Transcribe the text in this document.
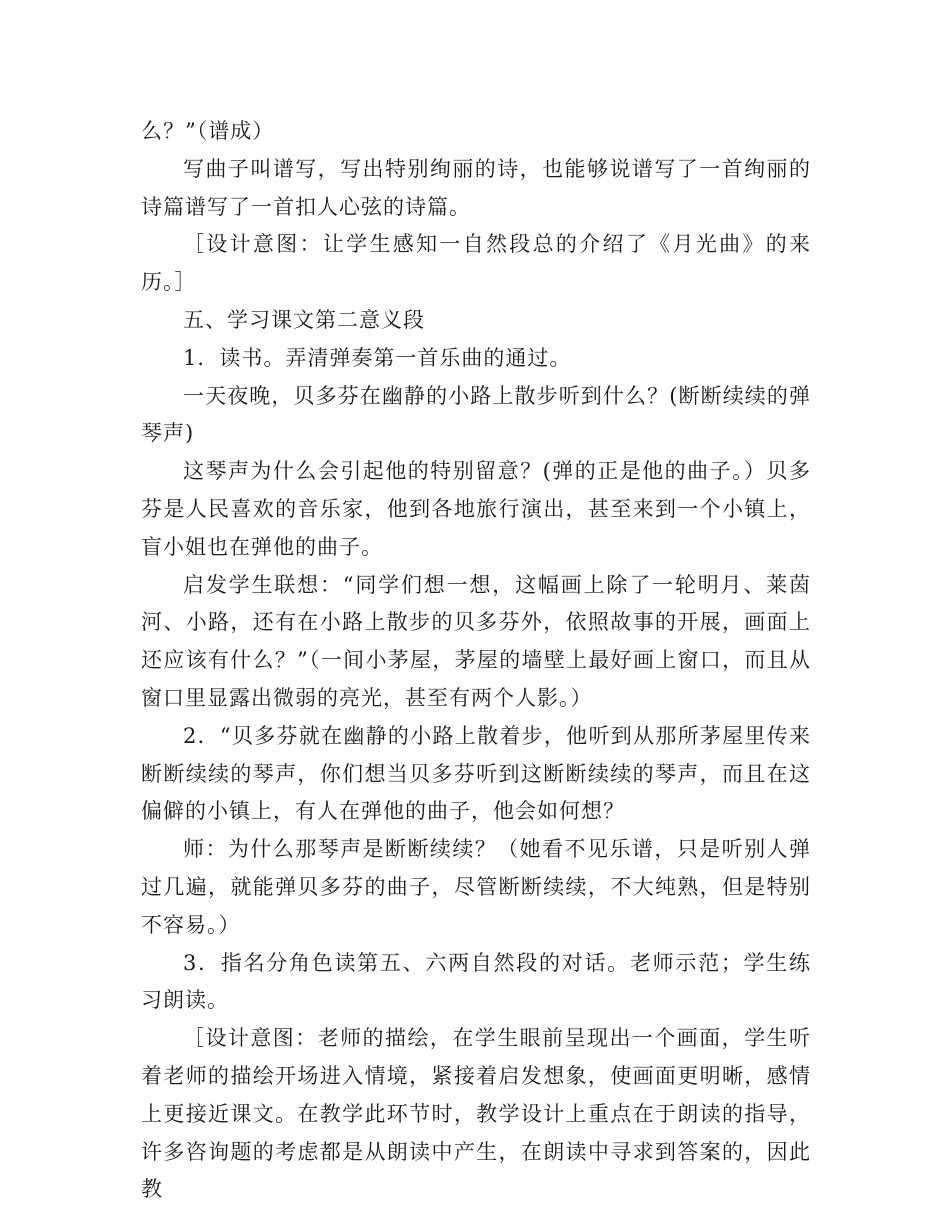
么？”（谱成）

写曲子叫谱写，写出特别绚丽的诗，也能够说谱写了一首绚丽的诗篇谱写了一首扣人心弦的诗篇。

［设计意图：让学生感知一自然段总的介绍了《月光曲》的来历。］

五、学习课文第二意义段

1．读书。弄清弹奏第一首乐曲的通过。

一天夜晚，贝多芬在幽静的小路上散步听到什么？(断断续续的弹琴声)

这琴声为什么会引起他的特别留意？(弹的正是他的曲子。）贝多芬是人民喜欢的音乐家，他到各地旅行演出，甚至来到一个小镇上，盲小姐也在弹他的曲子。

启发学生联想：“同学们想一想，这幅画上除了一轮明月、莱茵河、小路，还有在小路上散步的贝多芬外，依照故事的开展，画面上还应该有什么？”（一间小茅屋，茅屋的墙壁上最好画上窗口，而且从窗口里显露出微弱的亮光，甚至有两个人影。）

2．“贝多芬就在幽静的小路上散着步，他听到从那所茅屋里传来断断续续的琴声，你们想当贝多芬听到这断断续续的琴声，而且在这偏僻的小镇上，有人在弹他的曲子，他会如何想？

师：为什么那琴声是断断续续？（她看不见乐谱，只是听别人弹过几遍，就能弹贝多芬的曲子，尽管断断续续，不大纯熟，但是特别不容易。）

3．指名分角色读第五、六两自然段的对话。老师示范；学生练习朗读。

［设计意图：老师的描绘，在学生眼前呈现出一个画面，学生听着老师的描绘开场进入情境，紧接着启发想象，使画面更明晰，感情上更接近课文。在教学此环节时，教学设计上重点在于朗读的指导，许多咨询题的考虑都是从朗读中产生，在朗读中寻求到答案的，因此教
